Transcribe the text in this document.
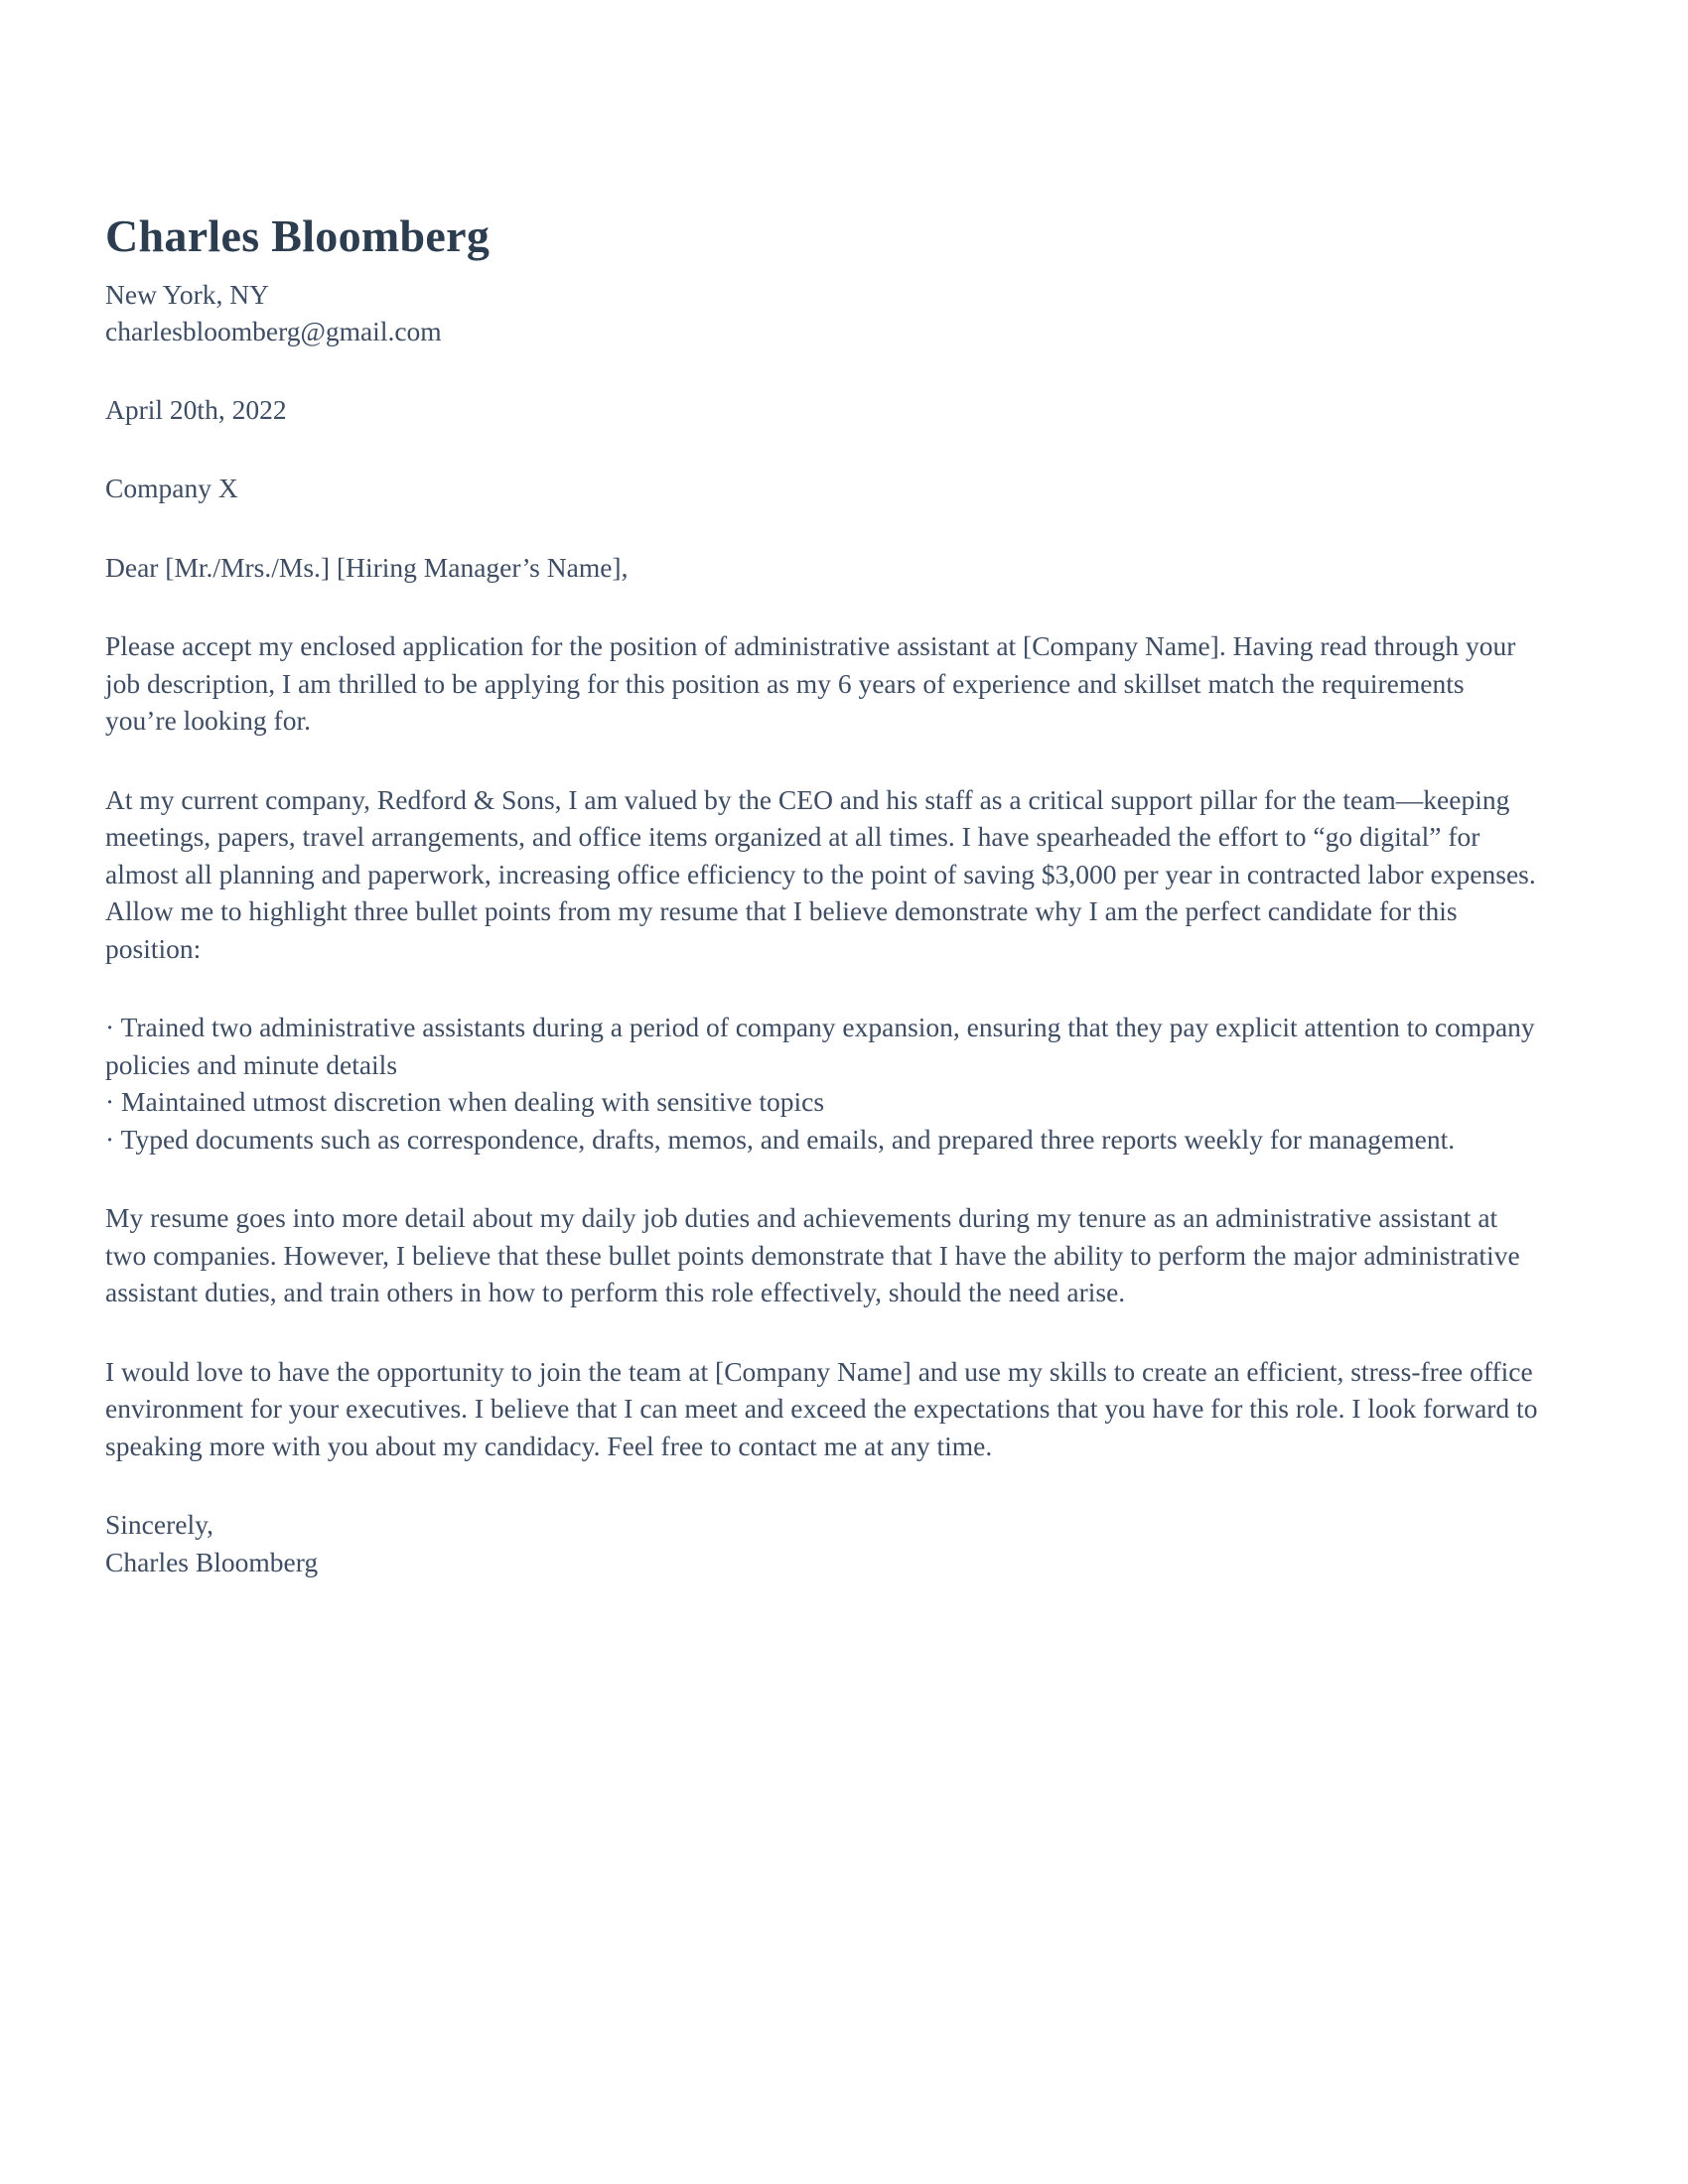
Charles Bloomberg

New York, NY

charlesbloomberg@gmail.com

April 20th, 2022

Company X

Dear [Mr./Mrs./Ms.] [Hiring Manager’s Name],

Please accept my enclosed application for the position of administrative assistant at [Company Name]. Having read through your job description, I am thrilled to be applying for this position as my 6 years of experience and skillset match the requirements you’re looking for.

At my current company, Redford & Sons, I am valued by the CEO and his staff as a critical support pillar for the team—keeping meetings, papers, travel arrangements, and office items organized at all times. I have spearheaded the effort to “go digital” for almost all planning and paperwork, increasing office efficiency to the point of saving $3,000 per year in contracted labor expenses. Allow me to highlight three bullet points from my resume that I believe demonstrate why I am the perfect candidate for this position:

· Trained two administrative assistants during a period of company expansion, ensuring that they pay explicit attention to company policies and minute details

· Maintained utmost discretion when dealing with sensitive topics

· Typed documents such as correspondence, drafts, memos, and emails, and prepared three reports weekly for management.

My resume goes into more detail about my daily job duties and achievements during my tenure as an administrative assistant at two companies. However, I believe that these bullet points demonstrate that I have the ability to perform the major administrative assistant duties, and train others in how to perform this role effectively, should the need arise.

I would love to have the opportunity to join the team at [Company Name] and use my skills to create an efficient, stress-free office environment for your executives. I believe that I can meet and exceed the expectations that you have for this role. I look forward to speaking more with you about my candidacy. Feel free to contact me at any time.

Sincerely,

Charles Bloomberg
